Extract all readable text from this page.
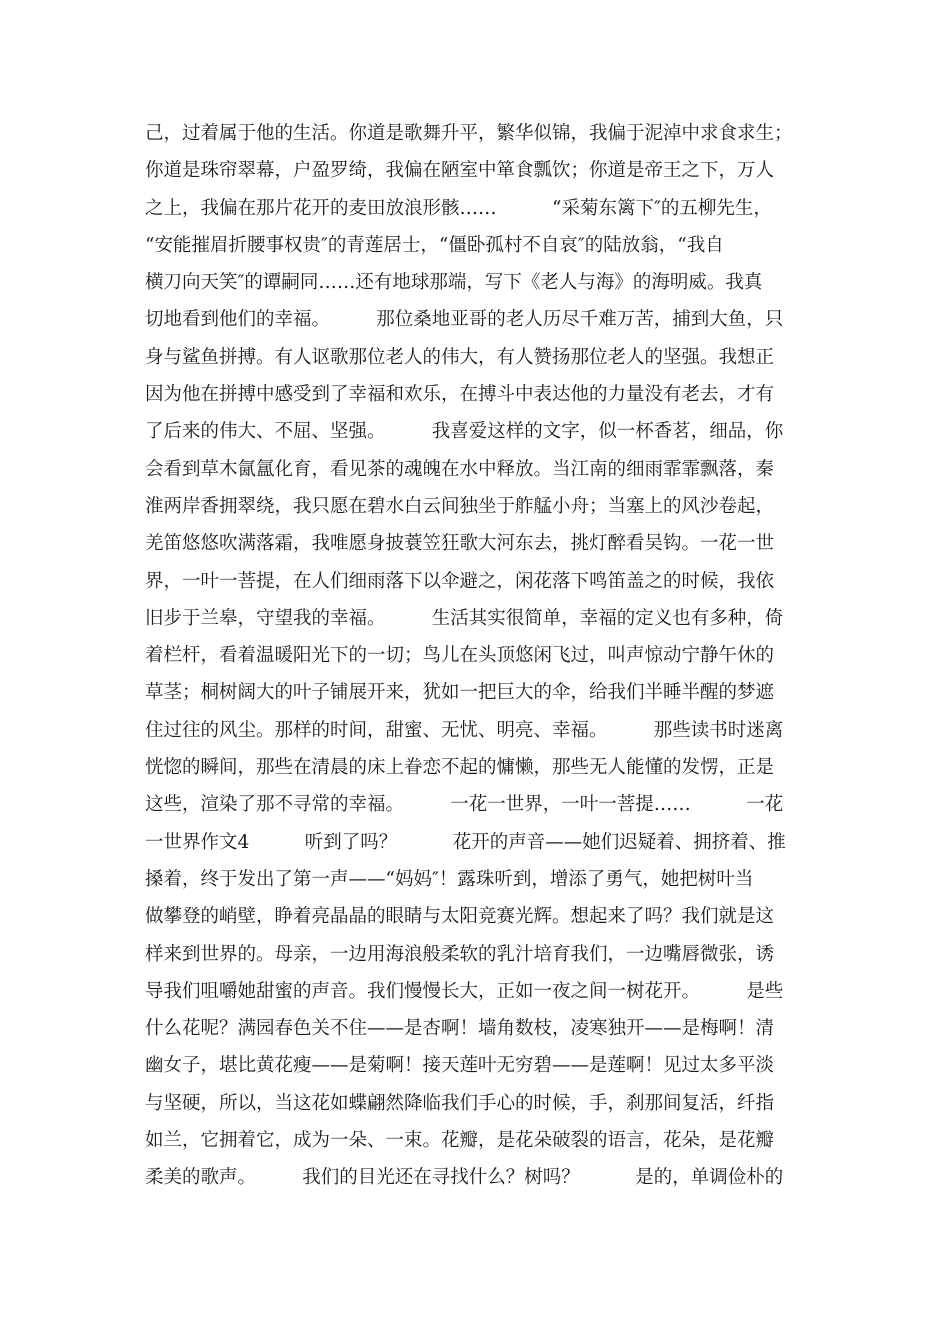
己，过着属于他的生活。你道是歌舞升平，繁华似锦，我偏于泥淖中求食求生；
你道是珠帘翠幕，户盈罗绮，我偏在陋室中箪食瓢饮；你道是帝王之下，万人
之上，我偏在那片花开的麦田放浪形骸……　　　“采菊东篱下″的五柳先生，
“安能摧眉折腰事权贵″的青莲居士，“僵卧孤村不自哀″的陆放翁，“我自
横刀向天笑″的谭嗣同……还有地球那端，写下《老人与海》的海明威。我真
切地看到他们的幸福。　　　那位桑地亚哥的老人历尽千难万苦，捕到大鱼，只
身与鲨鱼拼搏。有人讴歌那位老人的伟大，有人赞扬那位老人的坚强。我想正
因为他在拼搏中感受到了幸福和欢乐，在搏斗中表达他的力量没有老去，才有
了后来的伟大、不屈、坚强。　　　我喜爱这样的文字，似一杯香茗，细品，你
会看到草木氤氲化育，看见茶的魂魄在水中释放。当江南的细雨霏霏飘落，秦
淮两岸香拥翠绕，我只愿在碧水白云间独坐于舴艋小舟；当塞上的风沙卷起，
羌笛悠悠吹满落霜，我唯愿身披蓑笠狂歌大河东去，挑灯醉看吴钩。一花一世
界，一叶一菩提，在人们细雨落下以伞避之，闲花落下鸣笛盖之的时候，我依
旧步于兰皋，守望我的幸福。　　　生活其实很简单，幸福的定义也有多种，倚
着栏杆，看着温暖阳光下的一切；鸟儿在头顶悠闲飞过，叫声惊动宁静午休的
草茎；桐树阔大的叶子铺展开来，犹如一把巨大的伞，给我们半睡半醒的梦遮
住过往的风尘。那样的时间，甜蜜、无忧、明亮、幸福。　　　那些读书时迷离
恍惚的瞬间，那些在清晨的床上眷恋不起的慵懒，那些无人能懂的发愣，正是
这些，渲染了那不寻常的幸福。　　　一花一世界，一叶一菩提……　　　一花
一世界作文4　　　听到了吗？　　　花开的声音——她们迟疑着、拥挤着、推
搡着，终于发出了第一声——“妈妈″！露珠听到，增添了勇气，她把树叶当
做攀登的峭壁，睁着亮晶晶的眼睛与太阳竞赛光辉。想起来了吗？我们就是这
样来到世界的。母亲，一边用海浪般柔软的乳汁培育我们，一边嘴唇微张，诱
导我们咀嚼她甜蜜的声音。我们慢慢长大，正如一夜之间一树花开。　　　是些
什么花呢？满园春色关不住——是杏啊！墙角数枝，凌寒独开——是梅啊！清
幽女子，堪比黄花瘦——是菊啊！接天莲叶无穷碧——是莲啊！见过太多平淡
与坚硬，所以，当这花如蝶翩然降临我们手心的时候，手，刹那间复活，纤指
如兰，它拥着它，成为一朵、一束。花瓣，是花朵破裂的语言，花朵，是花瓣
柔美的歌声。　　　我们的目光还在寻找什么？树吗？　　　是的，单调俭朴的
